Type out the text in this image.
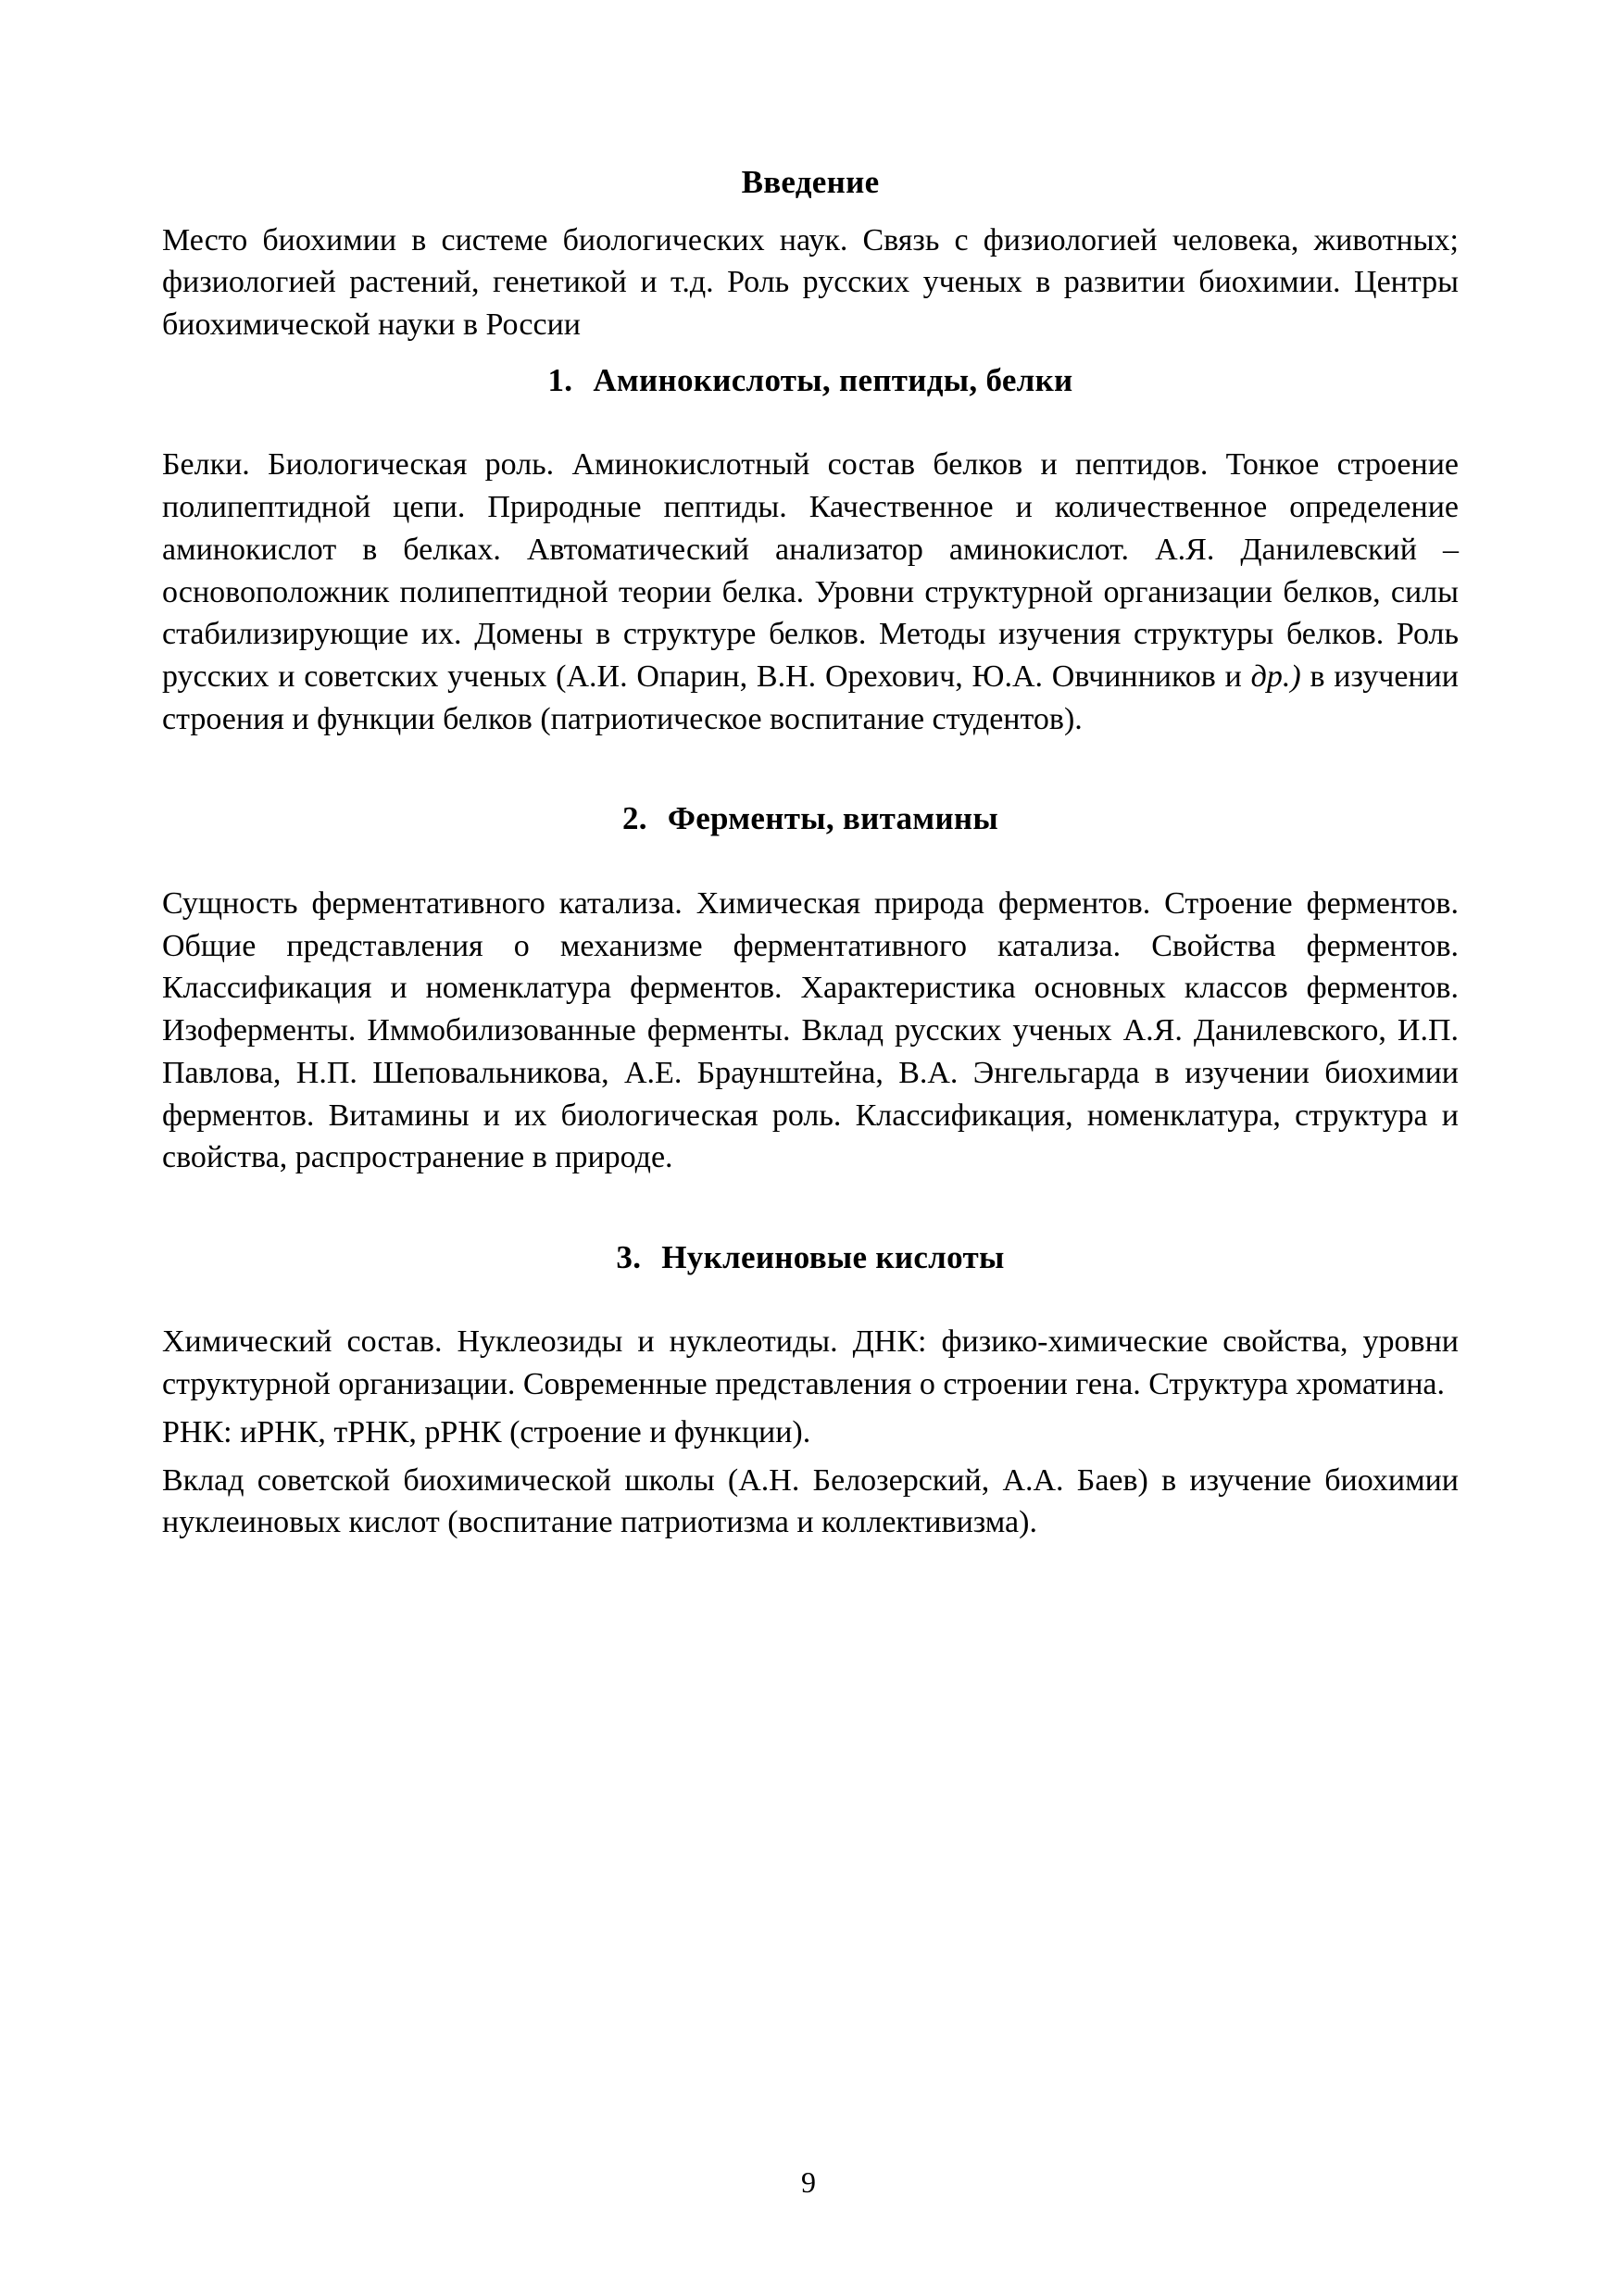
Введение

Место биохимии в системе биологических наук. Связь с физиологией человека, животных; физиологией растений, генетикой и т.д. Роль русских ученых в развитии биохимии. Центры биохимической науки в России

1. Аминокислоты, пептиды, белки

Белки. Биологическая роль. Аминокислотный состав белков и пептидов. Тонкое строение полипептидной цепи. Природные пептиды. Качественное и количественное определение аминокислот в белках. Автоматический анализатор аминокислот. А.Я. Данилевский – основоположник полипептидной теории белка. Уровни структурной организации белков, силы стабилизирующие их. Домены в структуре белков. Методы изучения структуры белков. Роль русских и советских ученых (А.И. Опарин, В.Н. Орехович, Ю.А. Овчинников и др.) в изучении строения и функции белков (патриотическое воспитание студентов).

2. Ферменты, витамины

Сущность ферментативного катализа. Химическая природа ферментов. Строение ферментов. Общие представления о механизме ферментативного катализа. Свойства ферментов. Классификация и номенклатура ферментов. Характеристика основных классов ферментов. Изоферменты. Иммобилизованные ферменты. Вклад русских ученых А.Я. Данилевского, И.П. Павлова, Н.П. Шеповальникова, А.Е. Браунштейна, В.А. Энгельгарда в изучении биохимии ферментов. Витамины и их биологическая роль. Классификация, номенклатура, структура и свойства, распространение в природе.

3. Нуклеиновые кислоты

Химический состав. Нуклеозиды и нуклеотиды. ДНК: физико-химические свойства, уровни структурной организации. Современные представления о строении гена. Структура хроматина.

РНК: иРНК, тРНК, рРНК (строение и функции).

Вклад советской биохимической школы (А.Н. Белозерский, А.А. Баев) в изучение биохимии нуклеиновых кислот (воспитание патриотизма и коллективизма).

9
